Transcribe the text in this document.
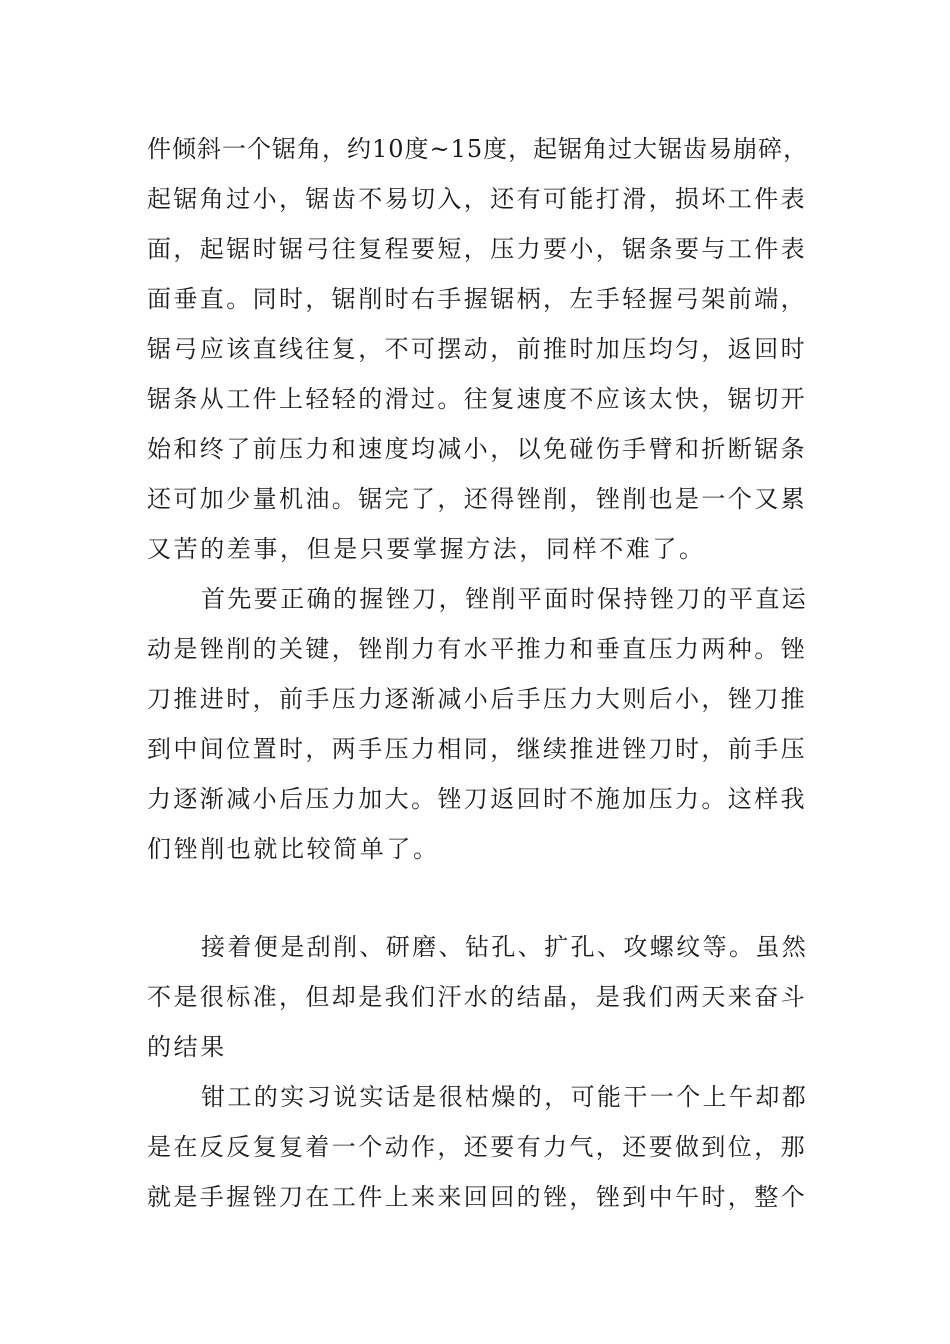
件倾斜一个锯角，约10度~15度，起锯角过大锯齿易崩碎，
起锯角过小，锯齿不易切入，还有可能打滑，损坏工件表
面，起锯时锯弓往复程要短，压力要小，锯条要与工件表
面垂直。同时，锯削时右手握锯柄，左手轻握弓架前端，
锯弓应该直线往复，不可摆动，前推时加压均匀，返回时
锯条从工件上轻轻的滑过。往复速度不应该太快，锯切开
始和终了前压力和速度均减小，以免碰伤手臂和折断锯条
还可加少量机油。锯完了，还得锉削，锉削也是一个又累
又苦的差事，但是只要掌握方法，同样不难了。
首先要正确的握锉刀，锉削平面时保持锉刀的平直运
动是锉削的关键，锉削力有水平推力和垂直压力两种。锉
刀推进时，前手压力逐渐减小后手压力大则后小，锉刀推
到中间位置时，两手压力相同，继续推进锉刀时，前手压
力逐渐减小后压力加大。锉刀返回时不施加压力。这样我
们锉削也就比较简单了。
接着便是刮削、研磨、钻孔、扩孔、攻螺纹等。虽然
不是很标准，但却是我们汗水的结晶，是我们两天来奋斗
的结果
钳工的实习说实话是很枯燥的，可能干一个上午却都
是在反反复复着一个动作，还要有力气，还要做到位，那
就是手握锉刀在工件上来来回回的锉，锉到中午时，整个
